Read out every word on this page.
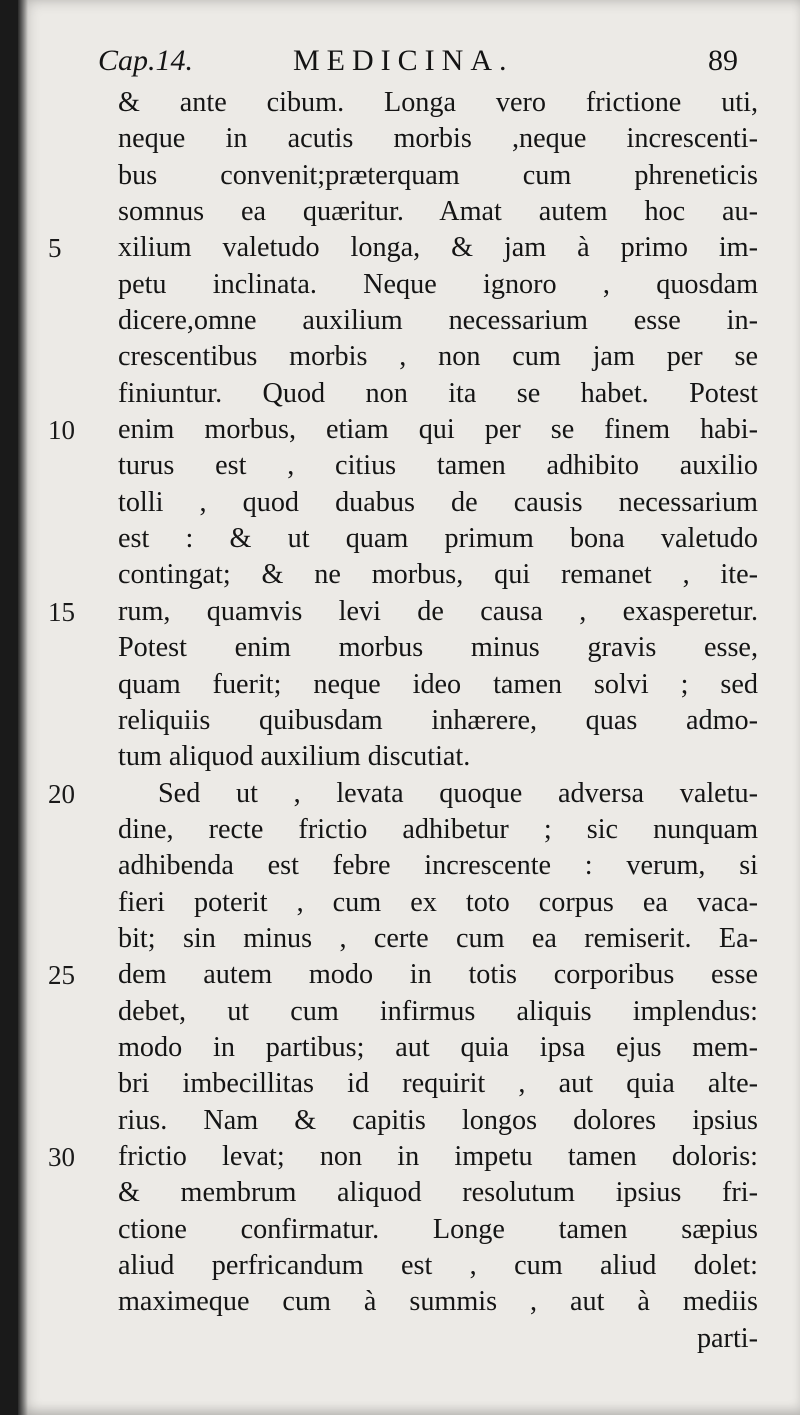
Cap.14.	MEDICINA.	89
& ante cibum. Longa vero frictione uti,
neque in acutis morbis ,neque increscenti-
bus convenit;præterquam cum phreneticis
somnus ea quæritur. Amat autem hoc au-
5	xilium valetudo longa, & jam à primo im-
petu inclinata. Neque ignoro , quosdam
dicere,omne auxilium necessarium esse in-
crescentibus morbis , non cum jam per se
finiuntur. Quod non ita se habet. Potest
10	enim morbus, etiam qui per se finem habi-
turus est , citius tamen adhibito auxilio
tolli , quod duabus de causis necessarium
est : & ut quam primum bona valetudo
contingat; & ne morbus, qui remanet , ite-
15	rum, quamvis levi de causa , exasperetur.
Potest enim morbus minus gravis esse,
quam fuerit; neque ideo tamen solvi ; sed
reliquiis quibusdam inhærere, quas admo-
tum aliquod auxilium discutiat.
20	Sed ut , levata quoque adversa valetu-
dine, recte frictio adhibetur ; sic nunquam
adhibenda est febre increscente : verum, si
fieri poterit , cum ex toto corpus ea vaca-
bit; sin minus , certe cum ea remiserit. Ea-
25	dem autem modo in totis corporibus esse
debet, ut cum infirmus aliquis implendus:
modo in partibus; aut quia ipsa ejus mem-
bri imbecillitas id requirit , aut quia alte-
rius. Nam & capitis longos dolores ipsius
30	frictio levat; non in impetu tamen doloris:
& membrum aliquod resolutum ipsius fri-
ctione confirmatur. Longe tamen sæpius
aliud perfricandum est , cum aliud dolet:
maximeque cum à summis , aut à mediis
parti-
